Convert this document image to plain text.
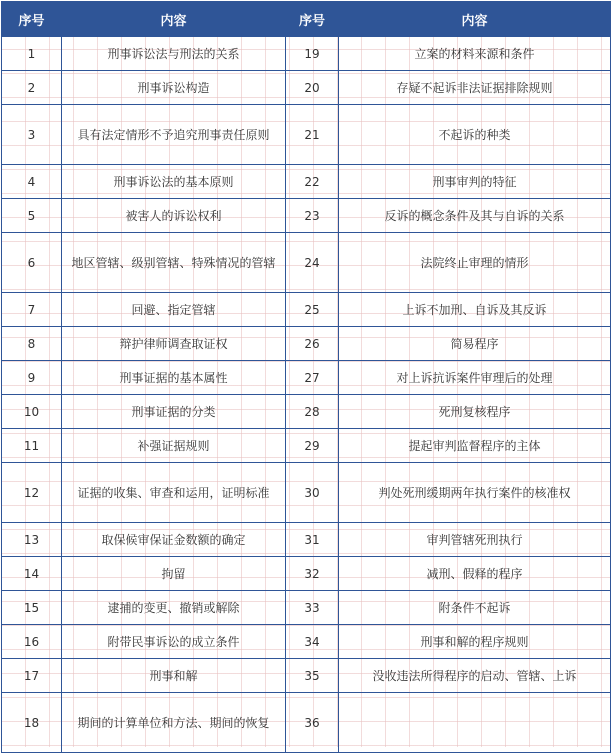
序号	内容	序号	内容
1	刑事诉讼法与刑法的关系	19	立案的材料来源和条件
2	刑事诉讼构造	20	存疑不起诉非法证据排除规则
3	具有法定情形不予追究刑事责任原则	21	不起诉的种类
4	刑事诉讼法的基本原则	22	刑事审判的特征
5	被害人的诉讼权利	23	反诉的概念条件及其与自诉的关系
6	地区管辖、级别管辖、特殊情况的管辖	24	法院终止审理的情形
7	回避、指定管辖	25	上诉不加刑、自诉及其反诉
8	辩护律师调查取证权	26	简易程序
9	刑事证据的基本属性	27	对上诉抗诉案件审理后的处理
10	刑事证据的分类	28	死刑复核程序
11	补强证据规则	29	提起审判监督程序的主体
12	证据的收集、审查和运用，证明标准	30	判处死刑缓期两年执行案件的核准权
13	取保候审保证金数额的确定	31	审判管辖死刑执行
14	拘留	32	减刑、假释的程序
15	逮捕的变更、撤销或解除	33	附条件不起诉
16	附带民事诉讼的成立条件	34	刑事和解的程序规则
17	刑事和解	35	没收违法所得程序的启动、管辖、上诉
18	期间的计算单位和方法、期间的恢复	36	
